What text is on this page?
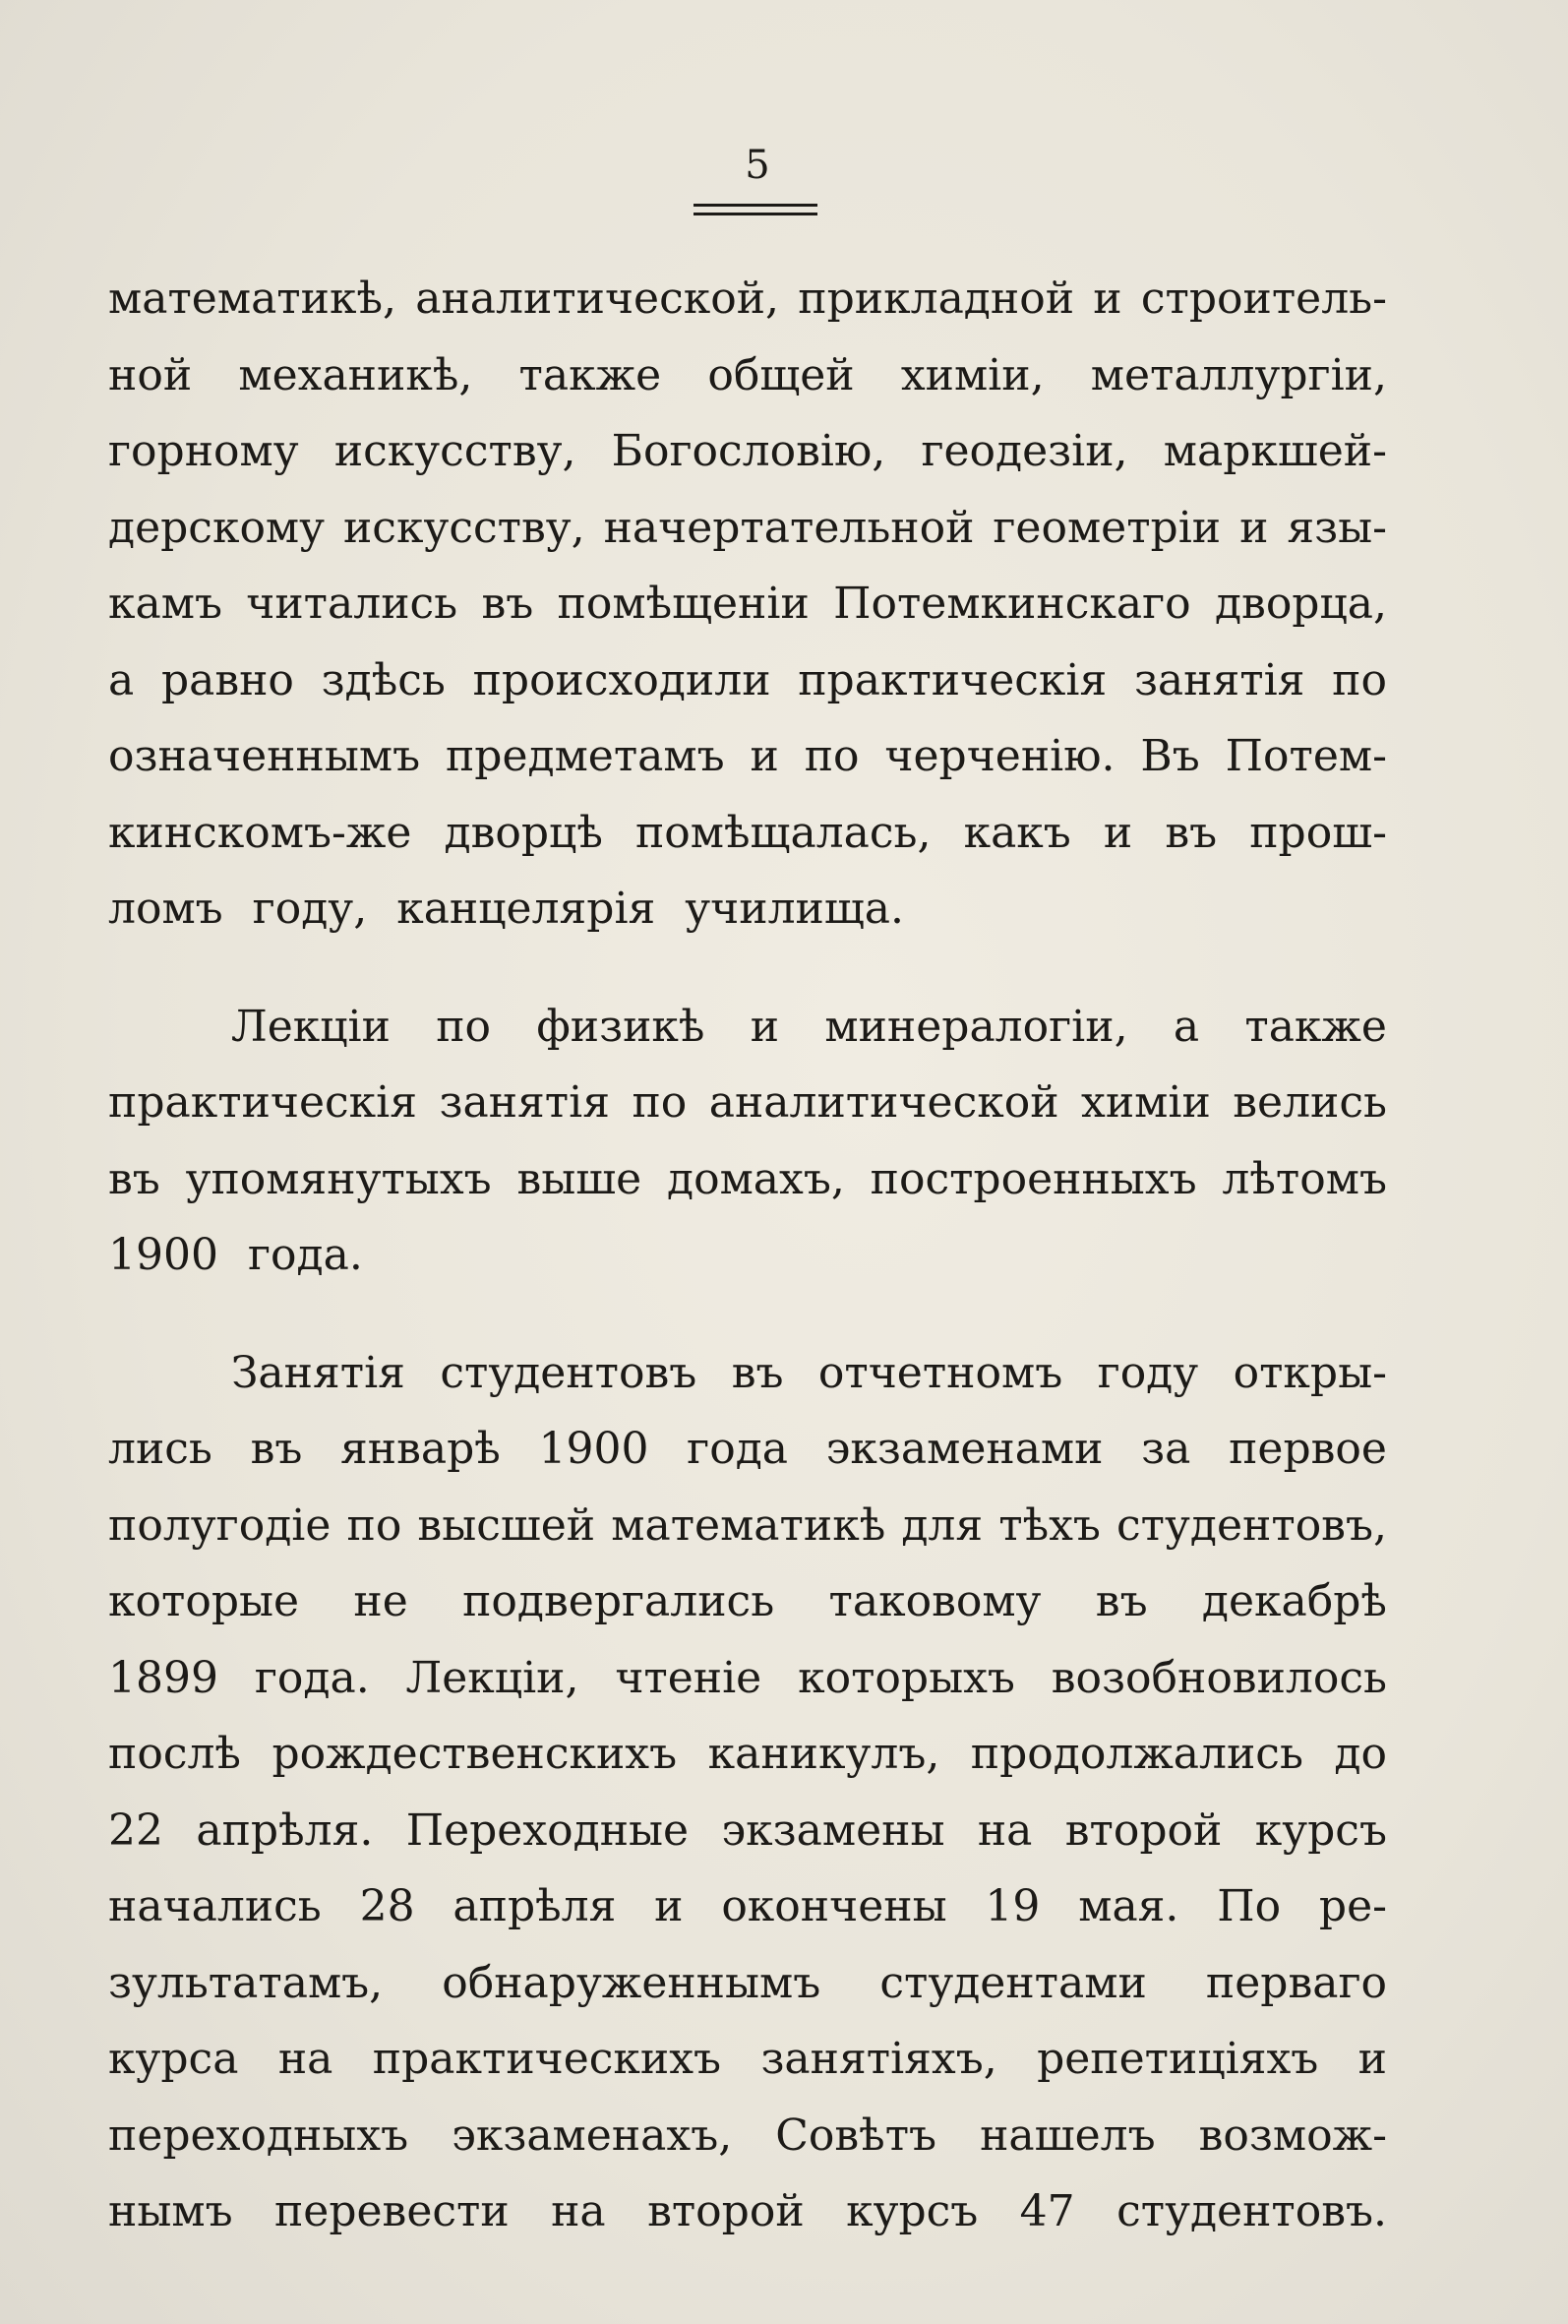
5
математикѣ, аналитической, прикладной и строитель-
ной механикѣ, также общей химіи, металлургіи,
горному искусству, Богословію, геодезіи, маркшей-
дерскому искусству, начертательной геометріи и язы-
камъ читались въ помѣщеніи Потемкинскаго дворца,
а равно здѣсь происходили практическія занятія по
означеннымъ предметамъ и по черченію. Въ Потем-
кинскомъ-же дворцѣ помѣщалась, какъ и въ прош-
ломъ году, канцелярія училища.
Лекціи по физикѣ и минералогіи, а также
практическія занятія по аналитической химіи велись
въ упомянутыхъ выше домахъ, построенныхъ лѣтомъ
1900 года.
Занятія студентовъ въ отчетномъ году откры-
лись въ январѣ 1900 года экзаменами за первое
полугодіе по высшей математикѣ для тѣхъ студентовъ,
которые не подвергались таковому въ декабрѣ
1899 года. Лекціи, чтеніе которыхъ возобновилось
послѣ рождественскихъ каникулъ, продолжались до
22 апрѣля. Переходные экзамены на второй курсъ
начались 28 апрѣля и окончены 19 мая. По ре-
зультатамъ, обнаруженнымъ студентами перваго
курса на практическихъ занятіяхъ, репетиціяхъ и
переходныхъ экзаменахъ, Совѣтъ нашелъ возмож-
нымъ перевести на второй курсъ 47 студентовъ.
